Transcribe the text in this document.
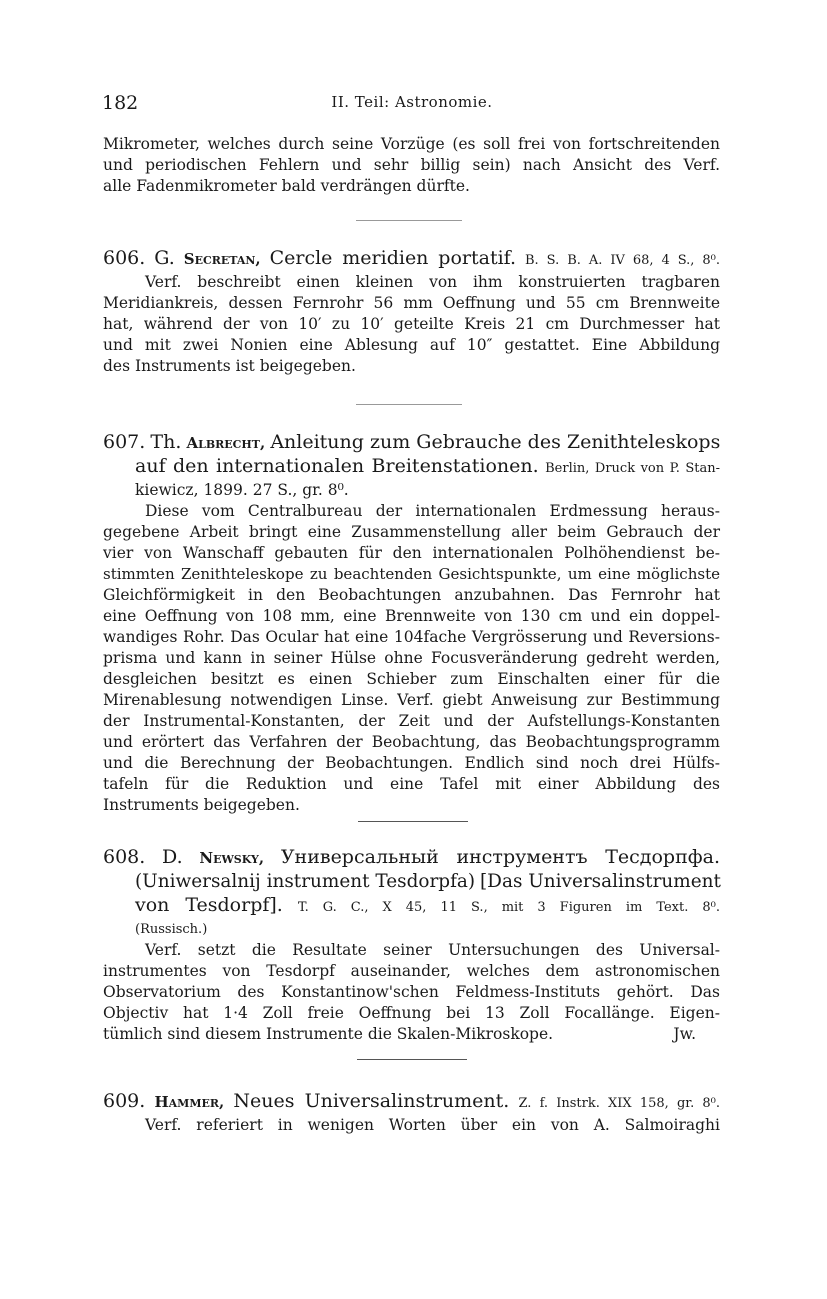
182	II. Teil: Astronomie.
Mikrometer, welches durch seine Vorzüge (es soll frei von fortschreitenden
und periodischen Fehlern und sehr billig sein) nach Ansicht des Verf.
alle Fadenmikrometer bald verdrängen dürfte.
606. G. Secretan, Cercle meridien portatif. B. S. B. A. IV 68, 4 S., 8⁰.
Verf. beschreibt einen kleinen von ihm konstruierten tragbaren
Meridiankreis, dessen Fernrohr 56 mm Oeffnung und 55 cm Brennweite
hat, während der von 10′ zu 10′ geteilte Kreis 21 cm Durchmesser hat
und mit zwei Nonien eine Ablesung auf 10″ gestattet. Eine Abbildung
des Instruments ist beigegeben.
607. Th. Albrecht, Anleitung zum Gebrauche des Zenithteleskops
auf den internationalen Breitenstationen. Berlin, Druck von P. Stan-
kiewicz, 1899. 27 S., gr. 8⁰.
Diese vom Centralbureau der internationalen Erdmessung heraus-
gegebene Arbeit bringt eine Zusammenstellung aller beim Gebrauch der
vier von Wanschaff gebauten für den internationalen Polhöhendienst be-
stimmten Zenithteleskope zu beachtenden Gesichtspunkte, um eine möglichste
Gleichförmigkeit in den Beobachtungen anzubahnen. Das Fernrohr hat
eine Oeffnung von 108 mm, eine Brennweite von 130 cm und ein doppel-
wandiges Rohr. Das Ocular hat eine 104fache Vergrösserung und Reversions-
prisma und kann in seiner Hülse ohne Focusveränderung gedreht werden,
desgleichen besitzt es einen Schieber zum Einschalten einer für die
Mirenablesung notwendigen Linse. Verf. giebt Anweisung zur Bestimmung
der Instrumental-Konstanten, der Zeit und der Aufstellungs-Konstanten
und erörtert das Verfahren der Beobachtung, das Beobachtungsprogramm
und die Berechnung der Beobachtungen. Endlich sind noch drei Hülfs-
tafeln für die Reduktion und eine Tafel mit einer Abbildung des
Instruments beigegeben.
608. D. Newsky, Универсальный инструментъ Тесдорпфа.
(Uniwersalnij instrument Tesdorpfa) [Das Universalinstrument
von Tesdorpf]. T. G. C., X 45, 11 S., mit 3 Figuren im Text. 8⁰.
(Russisch.)
Verf. setzt die Resultate seiner Untersuchungen des Universal-
instrumentes von Tesdorpf auseinander, welches dem astronomischen
Observatorium des Konstantinow'schen Feldmess-Instituts gehört. Das
Objectiv hat 1·4 Zoll freie Oeffnung bei 13 Zoll Focallänge. Eigen-
tümlich sind diesem Instrumente die Skalen-Mikroskope.	Jw.
609. Hammer, Neues Universalinstrument. Z. f. Instrk. XIX 158, gr. 8⁰.
Verf. referiert in wenigen Worten über ein von A. Salmoiraghi
